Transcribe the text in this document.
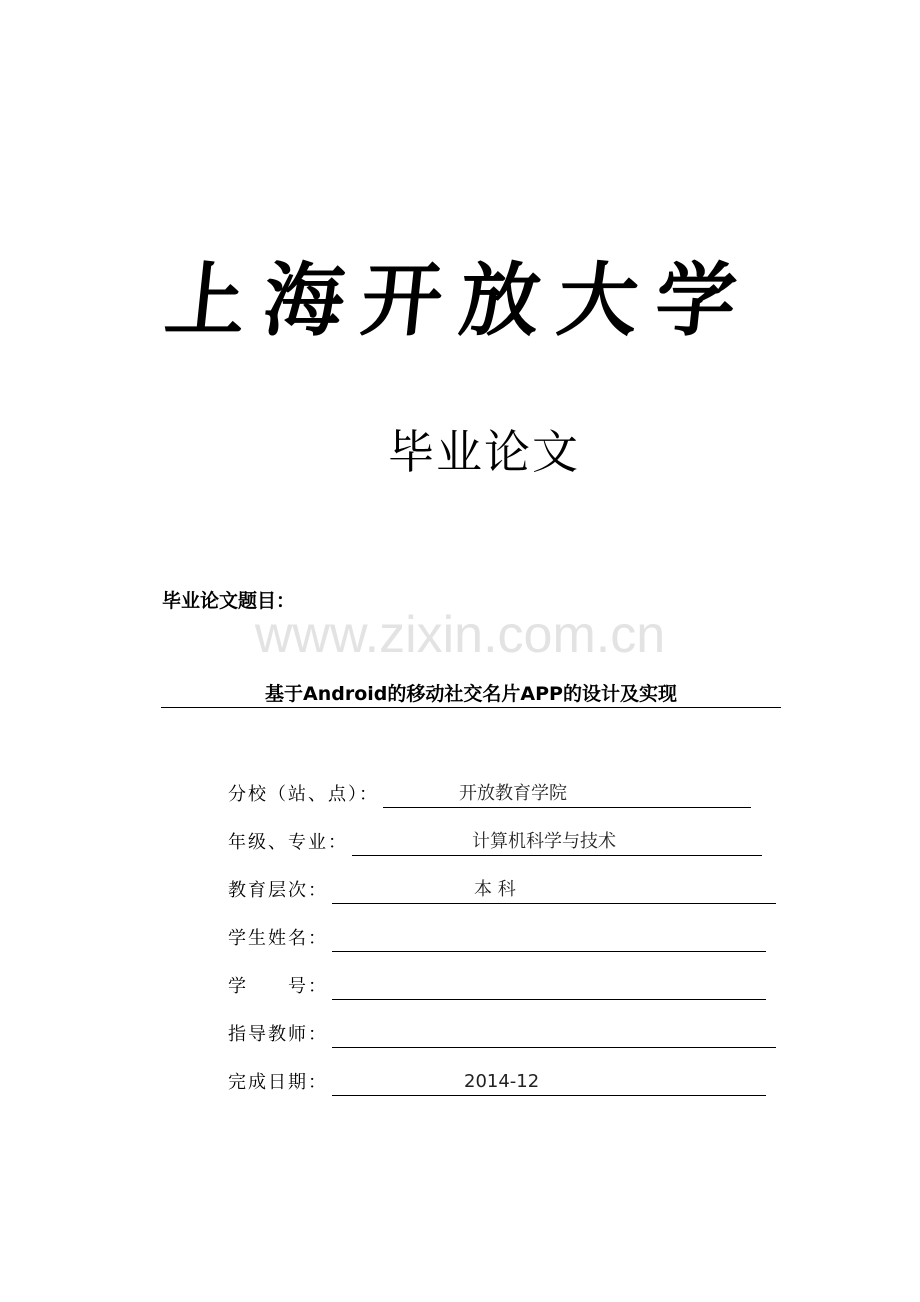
上海开放大学
毕业论文
毕业论文题目：
www.zixin.com.cn
基于Android的移动社交名片APP的设计及实现
分校（站、点）：	开放教育学院
年级、专业：	计算机科学与技术
教育层次：	本 科
学生姓名：
学　　号：
指导教师：
完成日期：	2014-12
